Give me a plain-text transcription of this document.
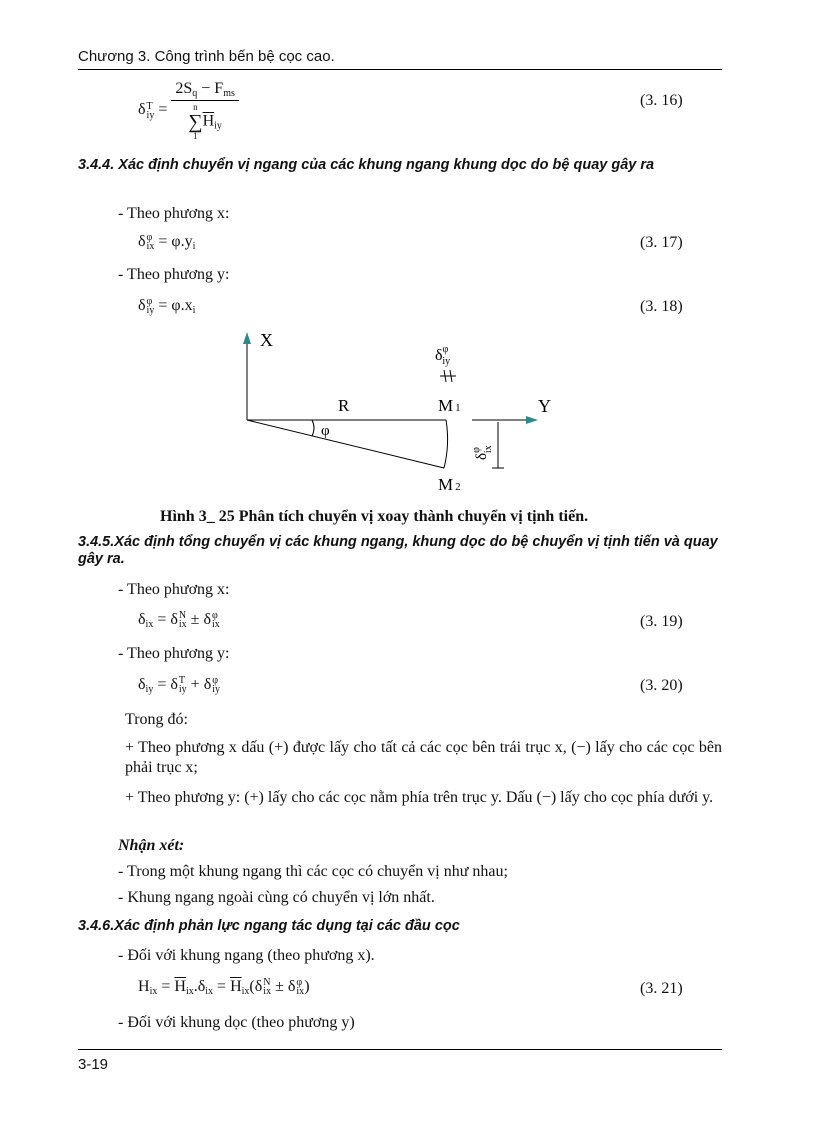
Chương 3. Công trình bến bệ cọc cao.
δ T
iy = $2S_q - F_{ms}$
n
∑
$1\overline{H}_{iy}$	(3. 16)
3.4.4. Xác định chuyển vị ngang của các khung ngang khung dọc do bệ quay gây ra
- Theo phương x:
δ φ
ix = $\varphi.y_i$	(3. 17)
- Theo phương y:
δ φ
iy = $\varphi.x_i$	(3. 18)
X
R
φ
M 1
M 2
$\delta^\varphi$ iy
Y
$\delta^\varphi ix$
Hình 3_ 25 Phân tích chuyển vị xoay thành chuyển vị tịnh tiến.
3.4.5.Xác định tổng chuyển vị các khung ngang, khung dọc do bệ chuyển vị tịnh tiến và quay gây ra.
- Theo phương x:
$\delta_{ix} = \delta$ N
ix ± δ φ
ix	(3. 19)
- Theo phương y:
$\delta_{iy} = \delta$ T
iy + δ φ
iy	(3. 20)
Trong đó:
+ Theo phương x dấu (+) được lấy cho tất cả các cọc bên trái trục x, (−) lấy cho các cọc bên phải trục x;
+ Theo phương y: (+) lấy cho các cọc nằm phía trên trục y. Dấu (−) lấy cho cọc phía dưới y.
Nhận xét:
- Trong một khung ngang thì các cọc có chuyển vị như nhau;
- Khung ngang ngoài cùng có chuyển vị lớn nhất.
3.4.6.Xác định phản lực ngang tác dụng tại các đầu cọc
- Đối với khung ngang (theo phương x).
$H_{ix} = \overline{H}_{ix}.\delta_{ix} = \overline{H}_{ix}(\delta$ N
ix ± δ φ
ix )	(3. 21)
- Đối với khung dọc (theo phương y)
3-19
